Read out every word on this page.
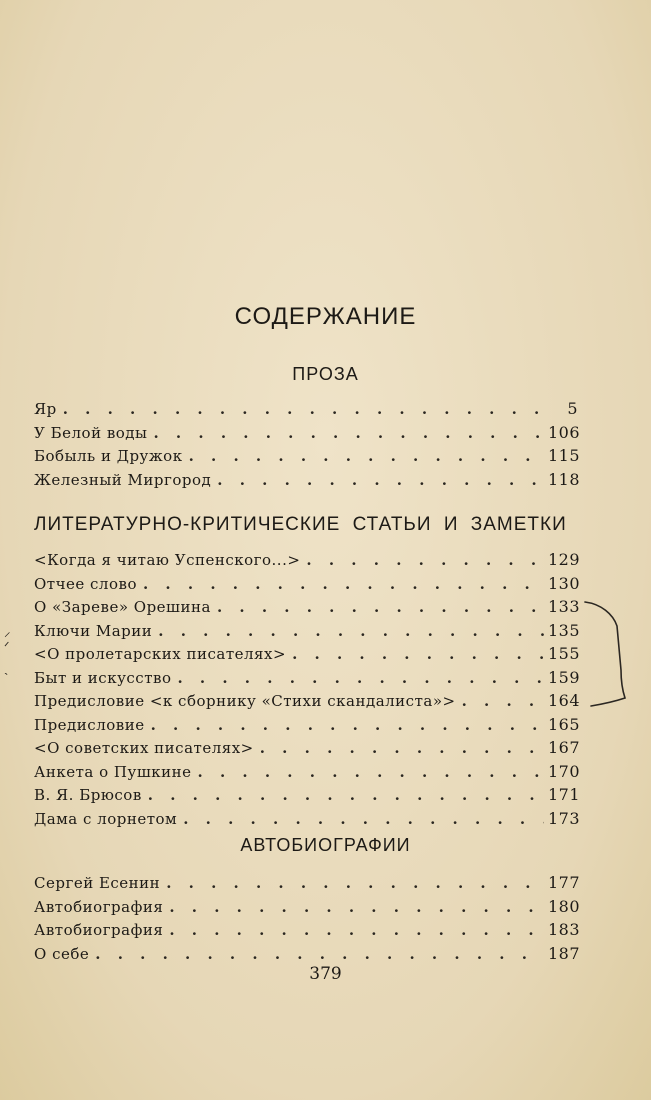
СОДЕРЖАНИЕ
ПРОЗА
Яр . . .	5
У Белой воды . . .	106
Бобыль и Дружок . . .	115
Железный Миргород . . .	118
ЛИТЕРАТУРНО-КРИТИЧЕСКИЕ СТАТЬИ И ЗАМЕТКИ
<Когда я читаю Успенского...> . . .	129
Отчее слово . . .	130
О «Зареве» Орешина . . .	133
Ключи Марии . . .	135
<О пролетарских писателях> . . .	155
Быт и искусство . . .	159
Предисловие <к сборнику «Стихи скандалиста»> . . .	164
Предисловие . . .	165
<О советских писателях> . . .	167
Анкета о Пушкине . . .	170
В. Я. Брюсов . . .	171
Дама с лорнетом . . .	173
АВТОБИОГРАФИИ
Сергей Есенин . . .	177
Автобиография . . .	180
Автобиография . . .	183
О себе . . .	187
379
⸝
ᐟ
˴
